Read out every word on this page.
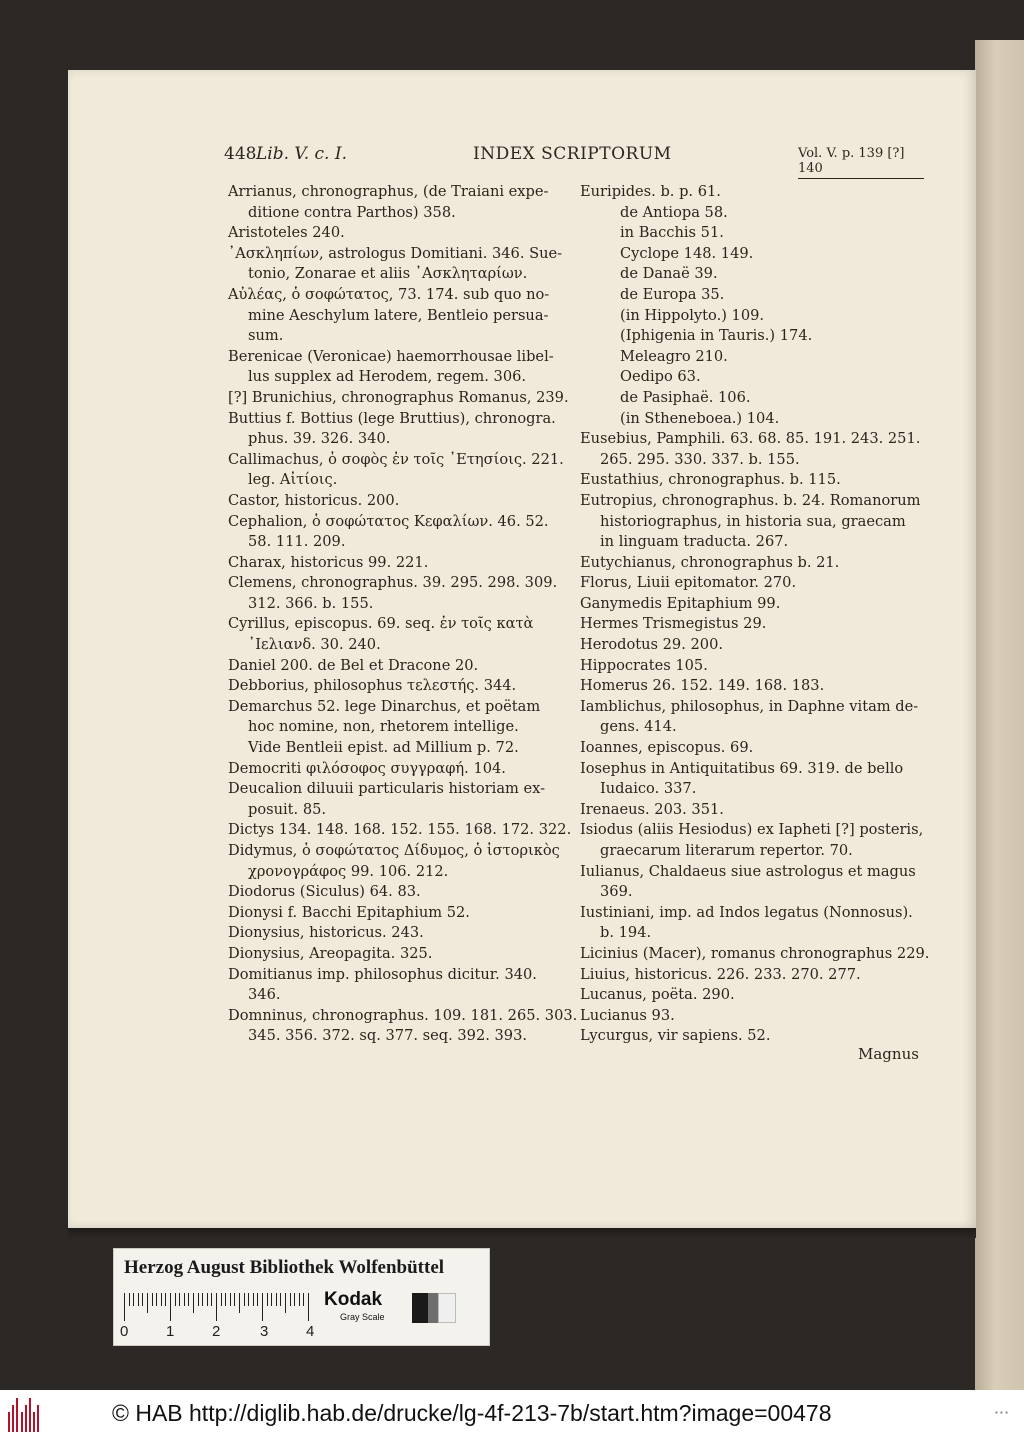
448 Lib. V. c. I.	INDEX SCRIPTORUM	Vol. V. p. 139 [?] 140
Arrianus, chronographus, (de Traiani expe-
ditione contra Parthos) 358.
Aristoteles 240.
᾿Ασκληπίων, astrologus Domitiani. 346. Sue-
tonio, Zonarae et aliis ᾿Ασκληταρίων.
Αὐλέας, ὁ σοφώτατος, 73. 174. sub quo no-
mine Aeschylum latere, Bentleio persua-
sum.
Berenicae (Veronicae) haemorrhousae libel-
lus supplex ad Herodem, regem. 306.
[?] Brunichius, chronographus Romanus, 239.
Buttius f. Bottius (lege Bruttius), chronogra.
phus. 39. 326. 340.
Callimachus, ὁ σοφὸς ἐν τοῖς ᾿Ετησίοις. 221.
leg. Αἰτίοις.
Castor, historicus. 200.
Cephalion, ὁ σοφώτατος Κεφαλίων. 46. 52.
58. 111. 209.
Charax, historicus 99. 221.
Clemens, chronographus. 39. 295. 298. 309.
312. 366. b. 155.
Cyrillus, episcopus. 69. seq. ἐν τοῖς κατὰ
᾿Ιελιανδ. 30. 240.
Daniel 200. de Bel et Dracone 20.
Debborius, philosophus τελεστής. 344.
Demarchus 52. lege Dinarchus, et poëtam
hoc nomine, non, rhetorem intellige.
Vide Bentleii epist. ad Millium p. 72.
Democriti φιλόσοφος συγγραφή. 104.
Deucalion diluuii particularis historiam ex-
posuit. 85.
Dictys 134. 148. 168. 152. 155. 168. 172. 322.
Didymus, ὁ σοφώτατος Δίδυμος, ὁ ἱστορικὸς
χρονογράφος 99. 106. 212.
Diodorus (Siculus) 64. 83.
Dionysi f. Bacchi Epitaphium 52.
Dionysius, historicus. 243.
Dionysius, Areopagita. 325.
Domitianus imp. philosophus dicitur. 340.
346.
Domninus, chronographus. 109. 181. 265. 303.
345. 356. 372. sq. 377. seq. 392. 393.
Euripides. b. p. 61.
de Antiopa 58.
in Bacchis 51.
Cyclope 148. 149.
de Danaë 39.
de Europa 35.
(in Hippolyto.) 109.
(Iphigenia in Tauris.) 174.
Meleagro 210.
Oedipo 63.
de Pasiphaë. 106.
(in Stheneboea.) 104.
Eusebius, Pamphili. 63. 68. 85. 191. 243. 251.
265. 295. 330. 337. b. 155.
Eustathius, chronographus. b. 115.
Eutropius, chronographus. b. 24. Romanorum
historiographus, in historia sua, graecam
in linguam traducta. 267.
Eutychianus, chronographus b. 21.
Florus, Liuii epitomator. 270.
Ganymedis Epitaphium 99.
Hermes Trismegistus 29.
Herodotus 29. 200.
Hippocrates 105.
Homerus 26. 152. 149. 168. 183.
Iamblichus, philosophus, in Daphne vitam de-
gens. 414.
Ioannes, episcopus. 69.
Iosephus in Antiquitatibus 69. 319. de bello
Iudaico. 337.
Irenaeus. 203. 351.
Isiodus (aliis Hesiodus) ex Iapheti [?] posteris,
graecarum literarum repertor. 70.
Iulianus, Chaldaeus siue astrologus et magus
369.
Iustiniani, imp. ad Indos legatus (Nonnosus).
b. 194.
Licinius (Macer), romanus chronographus 229.
Liuius, historicus. 226. 233. 270. 277.
Lucanus, poëta. 290.
Lucianus 93.
Lycurgus, vir sapiens. 52.
Magnus
Herzog August Bibliothek Wolfenbüttel
0	1	2	3	4
Kodak
Gray Scale
© HAB http://diglib.hab.de/drucke/lg-4f-213-7b/start.htm?image=00478	▪ ▪ ▪
